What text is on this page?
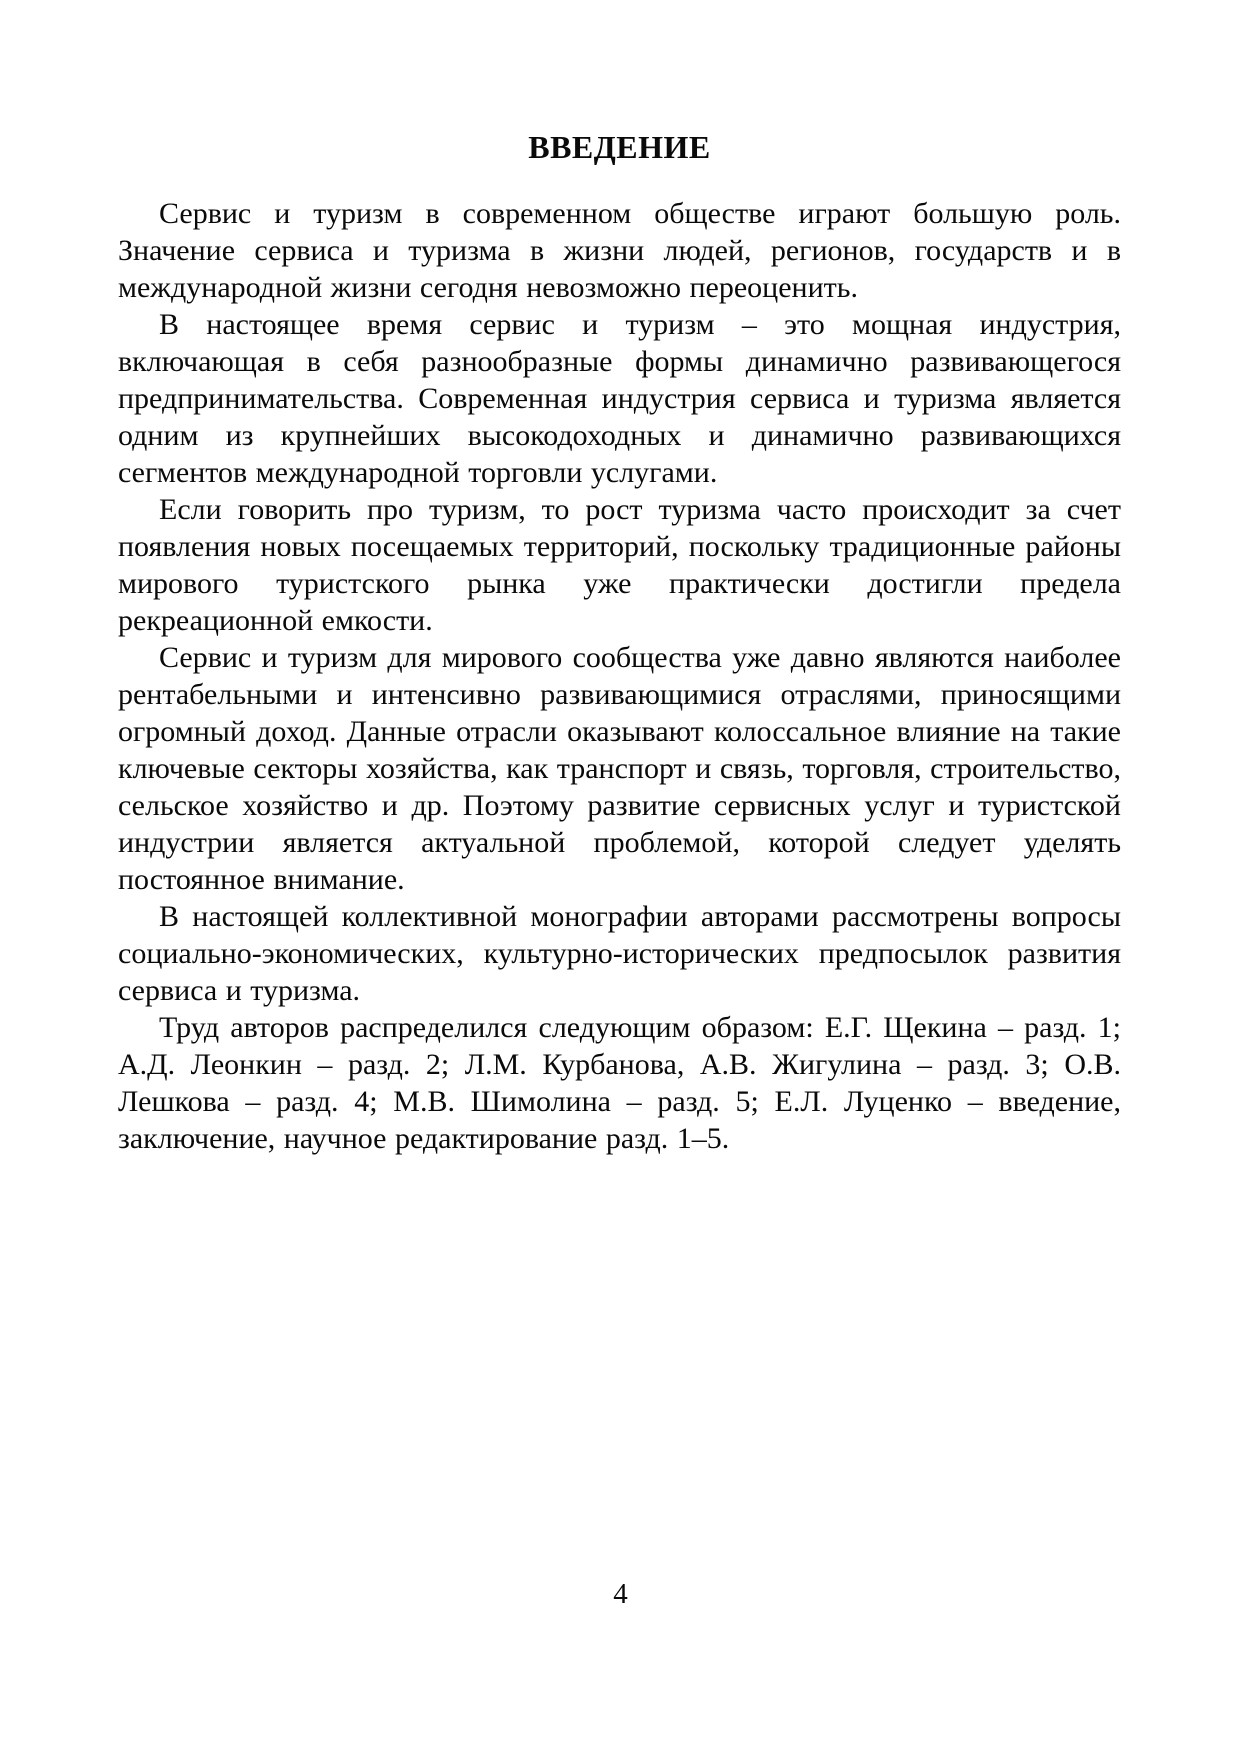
ВВЕДЕНИЕ

Сервис и туризм в современном обществе играют большую роль. Значение сервиса и туризма в жизни людей, регионов, государств и в международной жизни сегодня невозможно переоценить.

В настоящее время сервис и туризм – это мощная индустрия, включающая в себя разнообразные формы динамично развивающегося предпринимательства. Современная индустрия сервиса и туризма является одним из крупнейших высокодоходных и динамично развивающихся сегментов международной торговли услугами.

Если говорить про туризм, то рост туризма часто происходит за счет появления новых посещаемых территорий, поскольку традиционные районы мирового туристского рынка уже практически достигли предела рекреационной емкости.

Сервис и туризм для мирового сообщества уже давно являются наиболее рентабельными и интенсивно развивающимися отраслями, приносящими огромный доход. Данные отрасли оказывают колоссальное влияние на такие ключевые секторы хозяйства, как транспорт и связь, торговля, строительство, сельское хозяйство и др. Поэтому развитие сервисных услуг и туристской индустрии является актуальной проблемой, которой следует уделять постоянное внимание.

В настоящей коллективной монографии авторами рассмотрены вопросы социально-экономических, культурно-исторических предпосылок развития сервиса и туризма.

Труд авторов распределился следующим образом: Е.Г. Щекина – разд. 1; А.Д. Леонкин – разд. 2; Л.М. Курбанова, А.В. Жигулина – разд. 3; О.В. Лешкова – разд. 4; М.В. Шимолина – разд. 5; Е.Л. Луценко – введение, заключение, научное редактирование разд. 1–5.

4
